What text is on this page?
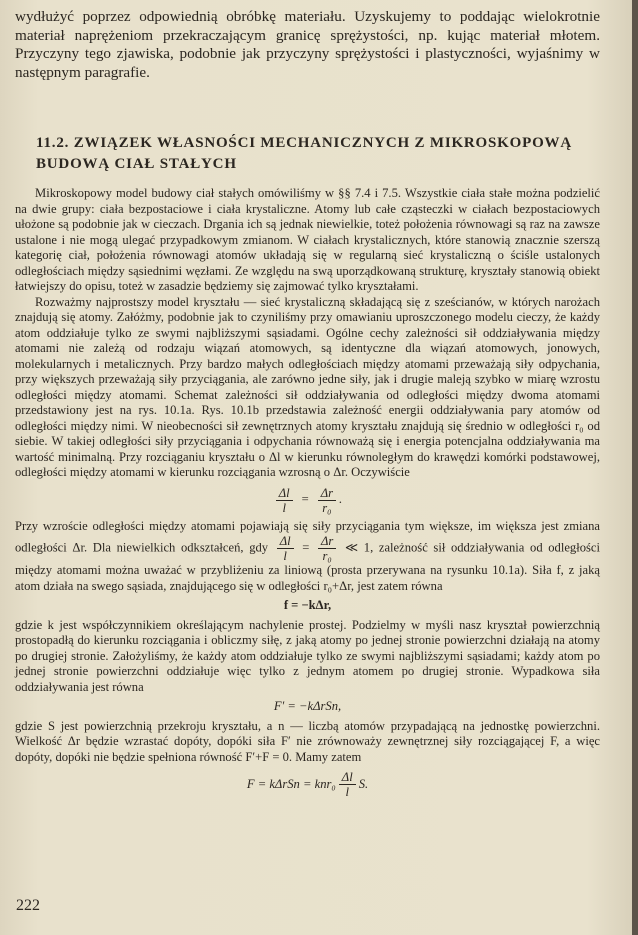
wydłużyć poprzez odpowiednią obróbkę materiału. Uzyskujemy to poddając wielokrotnie materiał naprężeniom przekraczającym granicę sprężystości, np. kując materiał młotem. Przyczyny tego zjawiska, podobnie jak przyczyny sprężystości i plastyczności, wyjaśnimy w następnym paragrafie.
11.2. ZWIĄZEK WŁASNOŚCI MECHANICZNYCH Z MIKROSKOPOWĄ BUDOWĄ CIAŁ STAŁYCH

Mikroskopowy model budowy ciał stałych omówiliśmy w §§ 7.4 i 7.5. Wszystkie ciała stałe można podzielić na dwie grupy: ciała bezpostaciowe i ciała krystaliczne. Atomy lub całe cząsteczki w ciałach bezpostaciowych ułożone są podobnie jak w cieczach. Drgania ich są jednak niewielkie, toteż położenia równowagi są raz na zawsze ustalone i nie mogą ulegać przypadkowym zmianom. W ciałach krystalicznych, które stanowią znacznie szerszą kategorię ciał, położenia równowagi atomów układają się w regularną sieć krystaliczną o ściśle ustalonych odległościach między sąsiednimi węzłami. Ze względu na swą uporządkowaną strukturę, kryształy stanowią obiekt łatwiejszy do opisu, toteż w zasadzie będziemy się zajmować tylko kryształami.

Rozważmy najprostszy model kryształu — sieć krystaliczną składającą się z sześcianów, w których narożach znajdują się atomy. Załóżmy, podobnie jak to czyniliśmy przy omawianiu uproszczonego modelu cieczy, że każdy atom oddziałuje tylko ze swymi najbliższymi sąsiadami. Ogólne cechy zależności sił oddziaływania między atomami nie zależą od rodzaju wiązań atomowych, są identyczne dla wiązań atomowych, jonowych, molekularnych i metalicznych. Przy bardzo małych odległościach między atomami przeważają siły odpychania, przy większych przeważają siły przyciągania, ale zarówno jedne siły, jak i drugie maleją szybko w miarę wzrostu odległości między atomami. Schemat zależności sił oddziaływania od odległości między dwoma atomami przedstawiony jest na rys. 10.1a. Rys. 10.1b przedstawia zależność energii oddziaływania pary atomów od odległości między nimi. W nieobecności sił zewnętrznych atomy kryształu znajdują się średnio w odległości r₀ od siebie. W takiej odległości siły przyciągania i odpychania równoważą się i energia potencjalna oddziaływania ma wartość minimalną. Przy rozciąganiu kryształu o Δl w kierunku równoległym do krawędzi komórki podstawowej, odległości między atomami w kierunku rozciągania wzrosną o Δr. Oczywiście

$\frac{\Delta l}{l} = \frac{\Delta r}{\text{r₀}}$ .

Przy wzroście odległości między atomami pojawiają się siły przyciągania tym większe, im większa jest zmiana odległości Δr. Dla niewielkich odkształceń, gdy $\frac{\Delta l}{l} = \frac{\Delta r}{\text{r₀}}$ ≪ 1, zależność sił oddziaływania od odległości między atomami można uważać w przybliżeniu za liniową (prosta przerywana na rysunku 10.1a). Siła f, z jaką atom działa na swego sąsiada, znajdującego się w odległości r₀+Δr, jest zatem równa

f = −kΔr,

gdzie k jest współczynnikiem określającym nachylenie prostej. Podzielmy w myśli nasz kryształ powierzchnią prostopadłą do kierunku rozciągania i obliczmy siłę, z jaką atomy po jednej stronie powierzchni działają na atomy po drugiej stronie. Założyliśmy, że każdy atom oddziałuje tylko ze swymi najbliższymi sąsiadami; każdy atom po jednej stronie powierzchni oddziałuje więc tylko z jednym atomem po drugiej stronie. Wypadkowa siła oddziaływania jest równa

F′ = −kΔrSn,

gdzie S jest powierzchnią przekroju kryształu, a n — liczbą atomów przypadającą na jednostkę powierzchni. Wielkość Δr będzie wzrastać dopóty, dopóki siła F′ nie zrównoważy zewnętrznej siły rozciągającej F, a więc dopóty, dopóki nie będzie spełniona równość F′+F = 0. Mamy zatem

$F = k\Delta rSn = knr_0 \frac{\Delta l}{l} S$.
222
